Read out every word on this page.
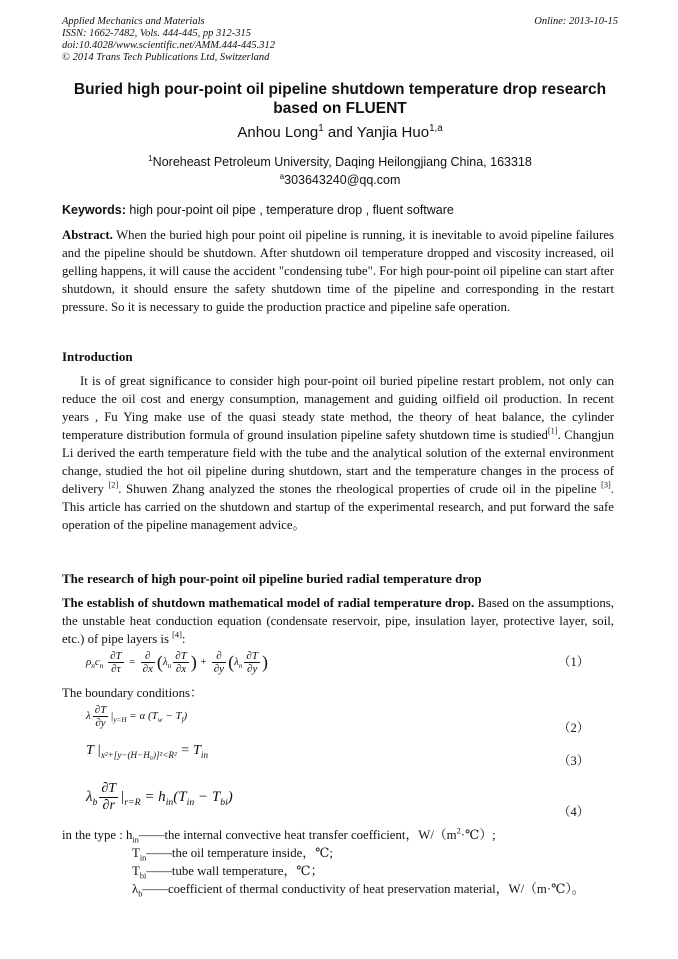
Applied Mechanics and Materials
ISSN: 1662-7482, Vols. 444-445, pp 312-315
doi:10.4028/www.scientific.net/AMM.444-445.312
© 2014 Trans Tech Publications Ltd, Switzerland
Online: 2013-10-15
Buried high pour-point oil pipeline shutdown temperature drop research
based on FLUENT
Anhou Long$^1$ and Yanjia Huo$^{1,a}$
$^1$Noreheast Petroleum University, Daqing Heilongjiang China, 163318
$^a$303643240@qq.com
Keywords: high pour-point oil pipe , temperature drop , fluent software
Abstract. When the buried high pour point oil pipeline is running, it is inevitable to avoid pipeline failures and the pipeline should be shutdown. After shutdown oil temperature dropped and viscosity increased, oil gelling happens, it will cause the accident "condensing tube". For high pour-point oil pipeline can start after shutdown, it should ensure the safety shutdown time of the pipeline and corresponding in the restart pressure. So it is necessary to guide the production practice and pipeline safe operation.
Introduction
It is of great significance to consider high pour-point oil buried pipeline restart problem, not only can reduce the oil cost and energy consumption, management and guiding oilfield oil production. In recent years , Fu Ying make use of the quasi steady state method, the theory of heat balance, the cylinder temperature distribution formula of ground insulation pipeline safety shutdown time is studied[1]. Changjun Li derived the earth temperature field with the tube and the analytical solution of the external environment change, studied the hot oil pipeline during shutdown, start and the temperature changes in the process of delivery [2]. Shuwen Zhang analyzed the stones the rheological properties of crude oil in the pipeline [3]. This article has carried on the shutdown and startup of the experimental research, and put forward the safe operation of the pipeline management advice。
The research of high pour-point oil pipeline buried radial temperature drop
The establish of shutdown mathematical model of radial temperature drop. Based on the assumptions, the unstable heat conduction equation (condensate reservoir, pipe, insulation layer, protective layer, soil, etc.) of pipe layers is [4]:
$\rho_nc_n \frac{\partial T}{\partial\tau} = \frac{\partial}{\partial x} (\lambda_n \frac{\partial T}{\partial x}$ ) + $\frac{\partial}{\partial y} (\lambda_n \frac{\partial T}{\partial y}$ )	（1）
The boundary conditions：
λ $\frac{\partial T}{\partial y} |_{y=H} = \alpha$ $(T_w - T_f)$
（2）
T $|_{x^2+[y-(H-H_0)]^2<R^2} = T_{in}$	（3）
$\lambda_b \frac{\partial T}{\partial r} |_{r=R} = h_{in}(T_{in} - T_{bi})$
（4）
in the type : $h_{in}——the$ internal convective heat transfer coefficient，$W/(m^2\cdot℃)$;
$T_{in}——the$ oil temperature inside，℃;
$T_{bi}——tube$ wall temperature，℃；
$\lambda_b——coefficient$ of thermal conductivity of heat preservation material，W/（m·℃）。
